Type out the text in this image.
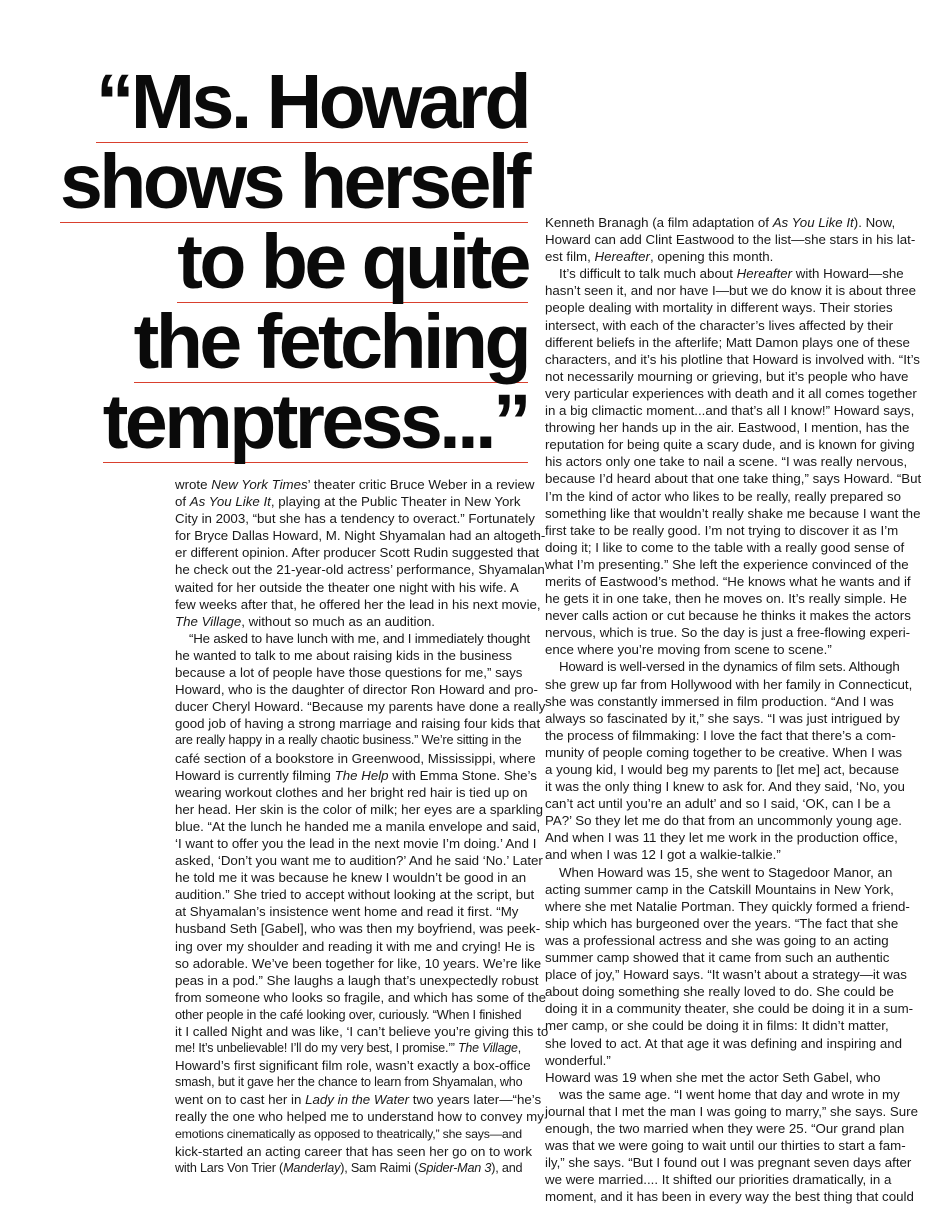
“Ms. Howard
shows herself
to be quite
the fetching
temptress...”
wrote New York Times’ theater critic Bruce Weber in a review
of As You Like It, playing at the Public Theater in New York
City in 2003, “but she has a tendency to overact.” Fortunately
for Bryce Dallas Howard, M. Night Shyamalan had an altogeth-
er different opinion. After producer Scott Rudin suggested that
he check out the 21-year-old actress’ performance, Shyamalan
waited for her outside the theater one night with his wife. A
few weeks after that, he offered her the lead in his next movie,
The Village, without so much as an audition.
“He asked to have lunch with me, and I immediately thought
he wanted to talk to me about raising kids in the business
because a lot of people have those questions for me,” says
Howard, who is the daughter of director Ron Howard and pro-
ducer Cheryl Howard. “Because my parents have done a really
good job of having a strong marriage and raising four kids that
are really happy in a really chaotic business.” We’re sitting in the
café section of a bookstore in Greenwood, Mississippi, where
Howard is currently filming The Help with Emma Stone. She’s
wearing workout clothes and her bright red hair is tied up on
her head. Her skin is the color of milk; her eyes are a sparkling
blue. “At the lunch he handed me a manila envelope and said,
‘I want to offer you the lead in the next movie I’m doing.’ And I
asked, ‘Don’t you want me to audition?’ And he said ‘No.’ Later
he told me it was because he knew I wouldn’t be good in an
audition.” She tried to accept without looking at the script, but
at Shyamalan’s insistence went home and read it first. “My
husband Seth [Gabel], who was then my boyfriend, was peek-
ing over my shoulder and reading it with me and crying! He is
so adorable. We’ve been together for like, 10 years. We’re like
peas in a pod.” She laughs a laugh that’s unexpectedly robust
from someone who looks so fragile, and which has some of the
other people in the café looking over, curiously. “When I finished
it I called Night and was like, ‘I can’t believe you’re giving this to
me! It’s unbelievable! I’ll do my very best, I promise.’” The Village,
Howard’s first significant film role, wasn’t exactly a box-office
smash, but it gave her the chance to learn from Shyamalan, who
went on to cast her in Lady in the Water two years later—“he’s
really the one who helped me to understand how to convey my
emotions cinematically as opposed to theatrically,” she says—and
kick-started an acting career that has seen her go on to work
with Lars Von Trier (Manderlay), Sam Raimi (Spider-Man 3), and
Kenneth Branagh (a film adaptation of As You Like It). Now,
Howard can add Clint Eastwood to the list—she stars in his lat-
est film, Hereafter, opening this month.
It’s difficult to talk much about Hereafter with Howard—she
hasn’t seen it, and nor have I—but we do know it is about three
people dealing with mortality in different ways. Their stories
intersect, with each of the character’s lives affected by their
different beliefs in the afterlife; Matt Damon plays one of these
characters, and it’s his plotline that Howard is involved with. “It’s
not necessarily mourning or grieving, but it’s people who have
very particular experiences with death and it all comes together
in a big climactic moment...and that’s all I know!” Howard says,
throwing her hands up in the air. Eastwood, I mention, has the
reputation for being quite a scary dude, and is known for giving
his actors only one take to nail a scene. “I was really nervous,
because I’d heard about that one take thing,” says Howard. “But
I’m the kind of actor who likes to be really, really prepared so
something like that wouldn’t really shake me because I want the
first take to be really good. I’m not trying to discover it as I’m
doing it; I like to come to the table with a really good sense of
what I’m presenting.” She left the experience convinced of the
merits of Eastwood’s method. “He knows what he wants and if
he gets it in one take, then he moves on. It’s really simple. He
never calls action or cut because he thinks it makes the actors
nervous, which is true. So the day is just a free-flowing experi-
ence where you’re moving from scene to scene.”
Howard is well-versed in the dynamics of film sets. Although
she grew up far from Hollywood with her family in Connecticut,
she was constantly immersed in film production. “And I was
always so fascinated by it,” she says. “I was just intrigued by
the process of filmmaking: I love the fact that there’s a com-
munity of people coming together to be creative. When I was
a young kid, I would beg my parents to [let me] act, because
it was the only thing I knew to ask for. And they said, ‘No, you
can’t act until you’re an adult’ and so I said, ‘OK, can I be a
PA?’ So they let me do that from an uncommonly young age.
And when I was 11 they let me work in the production office,
and when I was 12 I got a walkie-talkie.”
When Howard was 15, she went to Stagedoor Manor, an
acting summer camp in the Catskill Mountains in New York,
where she met Natalie Portman. They quickly formed a friend-
ship which has burgeoned over the years. “The fact that she
was a professional actress and she was going to an acting
summer camp showed that it came from such an authentic
place of joy,” Howard says. “It wasn’t about a strategy—it was
about doing something she really loved to do. She could be
doing it in a community theater, she could be doing it in a sum-
mer camp, or she could be doing it in films: It didn’t matter,
she loved to act. At that age it was defining and inspiring and
wonderful.”
Howard was 19 when she met the actor Seth Gabel, who
was the same age. “I went home that day and wrote in my
journal that I met the man I was going to marry,” she says. Sure
enough, the two married when they were 25. “Our grand plan
was that we were going to wait until our thirties to start a fam-
ily,” she says. “But I found out I was pregnant seven days after
we were married.... It shifted our priorities dramatically, in a
moment, and it has been in every way the best thing that could
